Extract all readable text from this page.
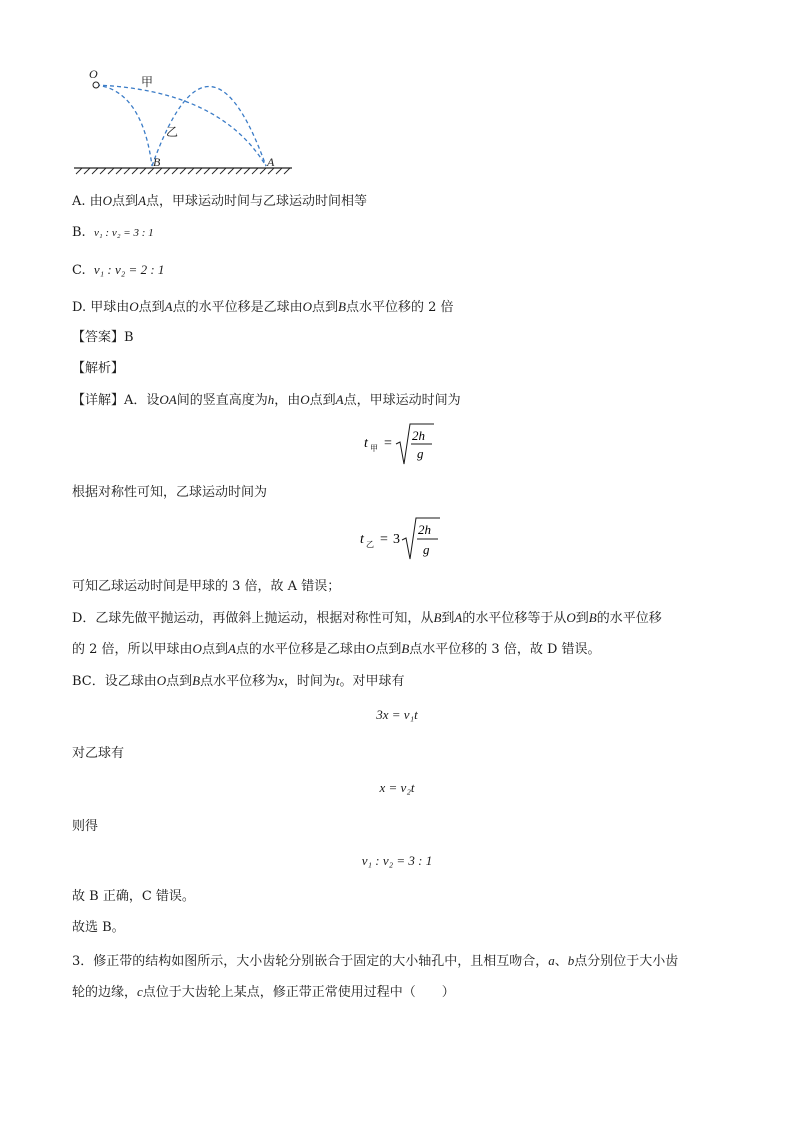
O
甲
乙
B	A
A. 由O点到A点，甲球运动时间与乙球运动时间相等
B. v₁ : v₂ = 3 : 1
C. v₁ : v₂ = 2 : 1
D. 甲球由O点到A点的水平位移是乙球由O点到B点水平位移的 2 倍
【答案】B
【解析】
【详解】A．设OA间的竖直高度为h，由O点到A点，甲球运动时间为
t 甲 =
2h
g
根据对称性可知，乙球运动时间为
t 乙 = 3
2h
g
可知乙球运动时间是甲球的 3 倍，故 A 错误；
D．乙球先做平抛运动，再做斜上抛运动，根据对称性可知，从B到A的水平位移等于从O到B的水平位移
的 2 倍，所以甲球由O点到A点的水平位移是乙球由O点到B点水平位移的 3 倍，故 D 错误。
BC．设乙球由O点到B点水平位移为x，时间为t。对甲球有
3x = v₁t
对乙球有
x = v₂t
则得
v₁ : v₂ = 3 : 1
故 B 正确，C 错误。
故选 B。
3．修正带的结构如图所示，大小齿轮分别嵌合于固定的大小轴孔中，且相互吻合，a、b点分别位于大小齿
轮的边缘，c点位于大齿轮上某点，修正带正常使用过程中（　　）
